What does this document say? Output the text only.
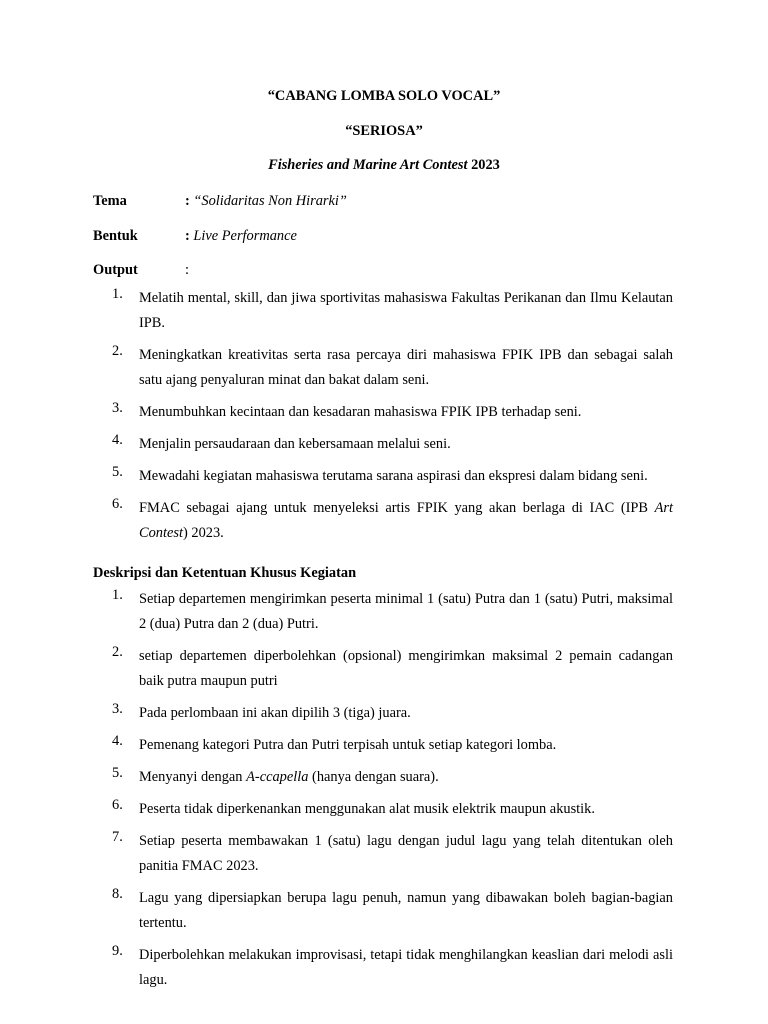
“CABANG LOMBA SOLO VOCAL”
“SERIOSA”
Fisheries and Marine Art Contest 2023
Tema	: “Solidaritas Non Hirarki”
Bentuk	: Live Performance
Output	:
1.	Melatih mental, skill, dan jiwa sportivitas mahasiswa Fakultas Perikanan dan Ilmu Kelautan IPB.
2.	Meningkatkan kreativitas serta rasa percaya diri mahasiswa FPIK IPB dan sebagai salah satu ajang penyaluran minat dan bakat dalam seni.
3.	Menumbuhkan kecintaan dan kesadaran mahasiswa FPIK IPB terhadap seni.
4.	Menjalin persaudaraan dan kebersamaan melalui seni.
5.	Mewadahi kegiatan mahasiswa terutama sarana aspirasi dan ekspresi dalam bidang seni.
6.	FMAC sebagai ajang untuk menyeleksi artis FPIK yang akan berlaga di IAC (IPB Art Contest) 2023.
Deskripsi dan Ketentuan Khusus Kegiatan
1.	Setiap departemen mengirimkan peserta minimal 1 (satu) Putra dan 1 (satu) Putri, maksimal 2 (dua) Putra dan 2 (dua) Putri.
2.	setiap departemen diperbolehkan (opsional) mengirimkan maksimal 2 pemain cadangan baik putra maupun putri
3.	Pada perlombaan ini akan dipilih 3 (tiga) juara.
4.	Pemenang kategori Putra dan Putri terpisah untuk setiap kategori lomba.
5.	Menyanyi dengan A-ccapella (hanya dengan suara).
6.	Peserta tidak diperkenankan menggunakan alat musik elektrik maupun akustik.
7.	Setiap peserta membawakan 1 (satu) lagu dengan judul lagu yang telah ditentukan oleh panitia FMAC 2023.
8.	Lagu yang dipersiapkan berupa lagu penuh, namun yang dibawakan boleh bagian-bagian tertentu.
9.	Diperbolehkan melakukan improvisasi, tetapi tidak menghilangkan keaslian dari melodi asli lagu.
